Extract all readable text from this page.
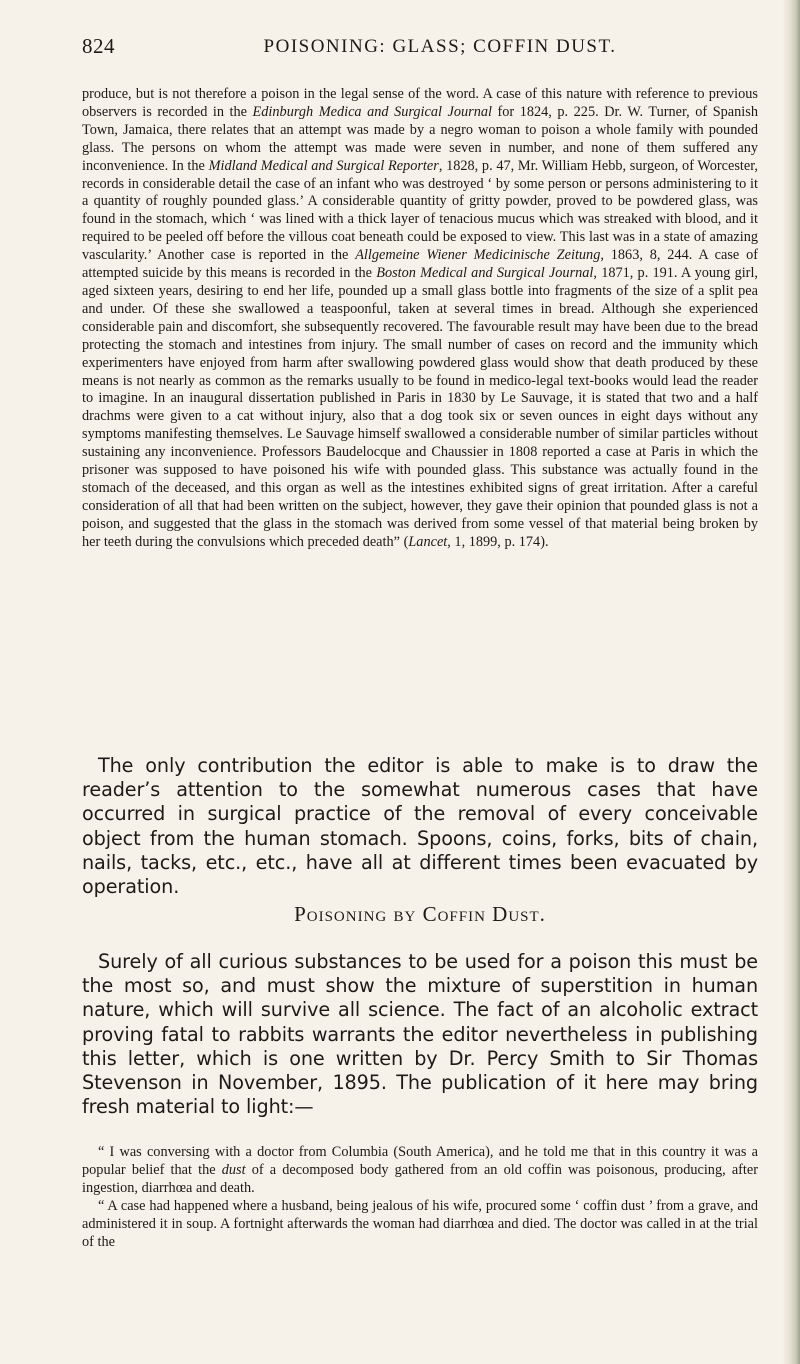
824	POISONING: GLASS; COFFIN DUST.

produce, but is not therefore a poison in the legal sense of the word. A case of this nature with reference to previous observers is recorded in the Edinburgh Medica and Surgical Journal for 1824, p. 225. Dr. W. Turner, of Spanish Town, Jamaica, there relates that an attempt was made by a negro woman to poison a whole family with pounded glass. The persons on whom the attempt was made were seven in number, and none of them suffered any inconvenience. In the Midland Medical and Surgical Reporter, 1828, p. 47, Mr. William Hebb, surgeon, of Worcester, records in considerable detail the case of an infant who was destroyed ‘ by some person or persons administering to it a quantity of roughly pounded glass.’ A considerable quantity of gritty powder, proved to be powdered glass, was found in the stomach, which ‘ was lined with a thick layer of tenacious mucus which was streaked with blood, and it required to be peeled off before the villous coat beneath could be exposed to view. This last was in a state of amazing vascularity.’ Another case is reported in the Allgemeine Wiener Medicinische Zeitung, 1863, 8, 244. A case of attempted suicide by this means is recorded in the Boston Medical and Surgical Journal, 1871, p. 191. A young girl, aged sixteen years, desiring to end her life, pounded up a small glass bottle into fragments of the size of a split pea and under. Of these she swallowed a teaspoonful, taken at several times in bread. Although she experienced considerable pain and discomfort, she subsequently recovered. The favourable result may have been due to the bread protecting the stomach and intestines from injury. The small number of cases on record and the immunity which experimenters have enjoyed from harm after swallowing powdered glass would show that death produced by these means is not nearly as common as the remarks usually to be found in medico-legal text-books would lead the reader to imagine. In an inaugural dissertation published in Paris in 1830 by Le Sauvage, it is stated that two and a half drachms were given to a cat without injury, also that a dog took six or seven ounces in eight days without any symptoms manifesting themselves. Le Sauvage himself swallowed a considerable number of similar particles without sustaining any inconvenience. Professors Baudelocque and Chaussier in 1808 reported a case at Paris in which the prisoner was supposed to have poisoned his wife with pounded glass. This substance was actually found in the stomach of the deceased, and this organ as well as the intestines exhibited signs of great irritation. After a careful consideration of all that had been written on the subject, however, they gave their opinion that pounded glass is not a poison, and suggested that the glass in the stomach was derived from some vessel of that material being broken by her teeth during the convulsions which preceded death” (Lancet, 1, 1899, p. 174).

The only contribution the editor is able to make is to draw the reader’s attention to the somewhat numerous cases that have occurred in surgical practice of the removal of every conceivable object from the human stomach. Spoons, coins, forks, bits of chain, nails, tacks, etc., etc., have all at different times been evacuated by operation.

Poisoning by Coffin Dust.

Surely of all curious substances to be used for a poison this must be the most so, and must show the mixture of superstition in human nature, which will survive all science. The fact of an alcoholic extract proving fatal to rabbits warrants the editor nevertheless in publishing this letter, which is one written by Dr. Percy Smith to Sir Thomas Stevenson in November, 1895. The publication of it here may bring fresh material to light:—

“ I was conversing with a doctor from Columbia (South America), and he told me that in this country it was a popular belief that the dust of a decomposed body gathered from an old coffin was poisonous, producing, after ingestion, diarrhœa and death.

“ A case had happened where a husband, being jealous of his wife, procured some ‘ coffin dust ’ from a grave, and administered it in soup. A fortnight afterwards the woman had diarrhœa and died. The doctor was called in at the trial of the
